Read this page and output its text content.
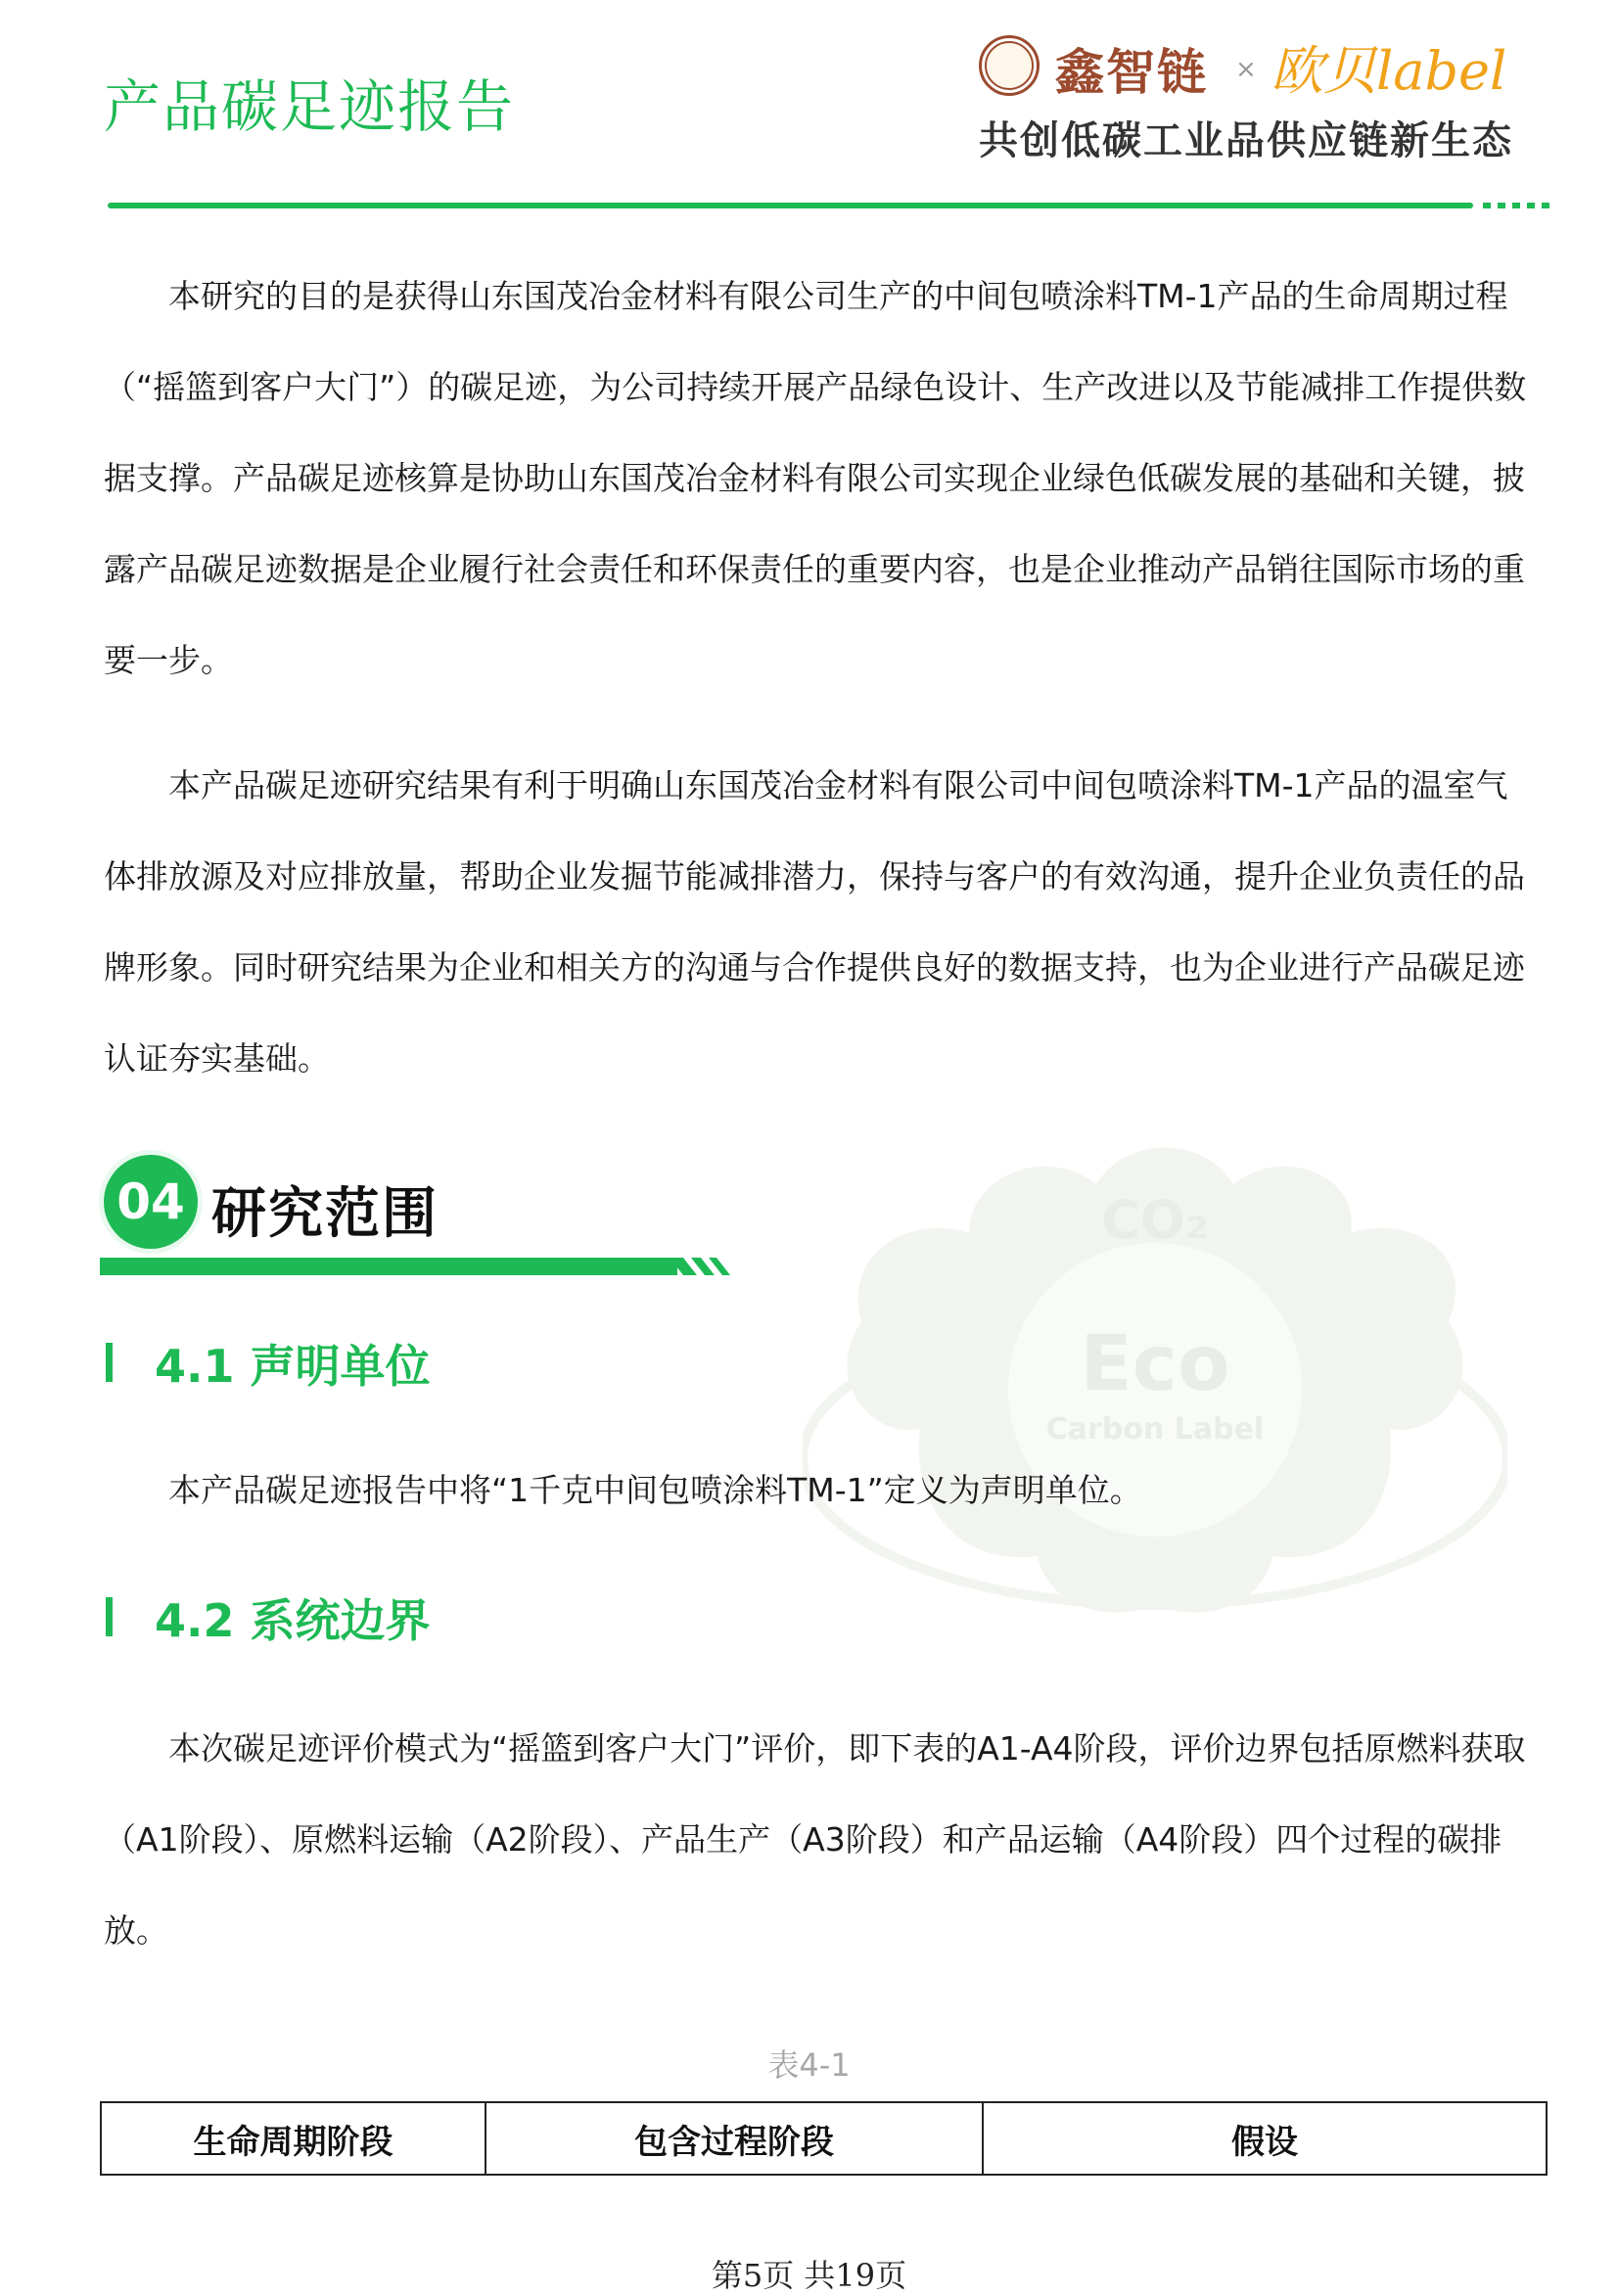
产品碳足迹报告
鑫智链 × 欧贝label
共创低碳工业品供应链新生态
CO₂
Eco
Carbon Label

本研究的目的是获得山东国茂冶金材料有限公司生产的中间包喷涂料TM-1产品的生命周期过程（“摇篮到客户大门”）的碳足迹，为公司持续开展产品绿色设计、生产改进以及节能减排工作提供数据支撑。产品碳足迹核算是协助山东国茂冶金材料有限公司实现企业绿色低碳发展的基础和关键，披露产品碳足迹数据是企业履行社会责任和环保责任的重要内容，也是企业推动产品销往国际市场的重要一步。

本产品碳足迹研究结果有利于明确山东国茂冶金材料有限公司中间包喷涂料TM-1产品的温室气体排放源及对应排放量，帮助企业发掘节能减排潜力，保持与客户的有效沟通，提升企业负责任的品牌形象。同时研究结果为企业和相关方的沟通与合作提供良好的数据支持，也为企业进行产品碳足迹认证夯实基础。

04 研究范围
4.1 声明单位

本产品碳足迹报告中将“1千克中间包喷涂料TM-1”定义为声明单位。

4.2 系统边界

本次碳足迹评价模式为“摇篮到客户大门”评价，即下表的A1-A4阶段，评价边界包括原燃料获取（A1阶段）、原燃料运输（A2阶段）、产品生产（A3阶段）和产品运输（A4阶段）四个过程的碳排放。

表4-1
生命周期阶段	包含过程阶段	假设
第5页 共19页
